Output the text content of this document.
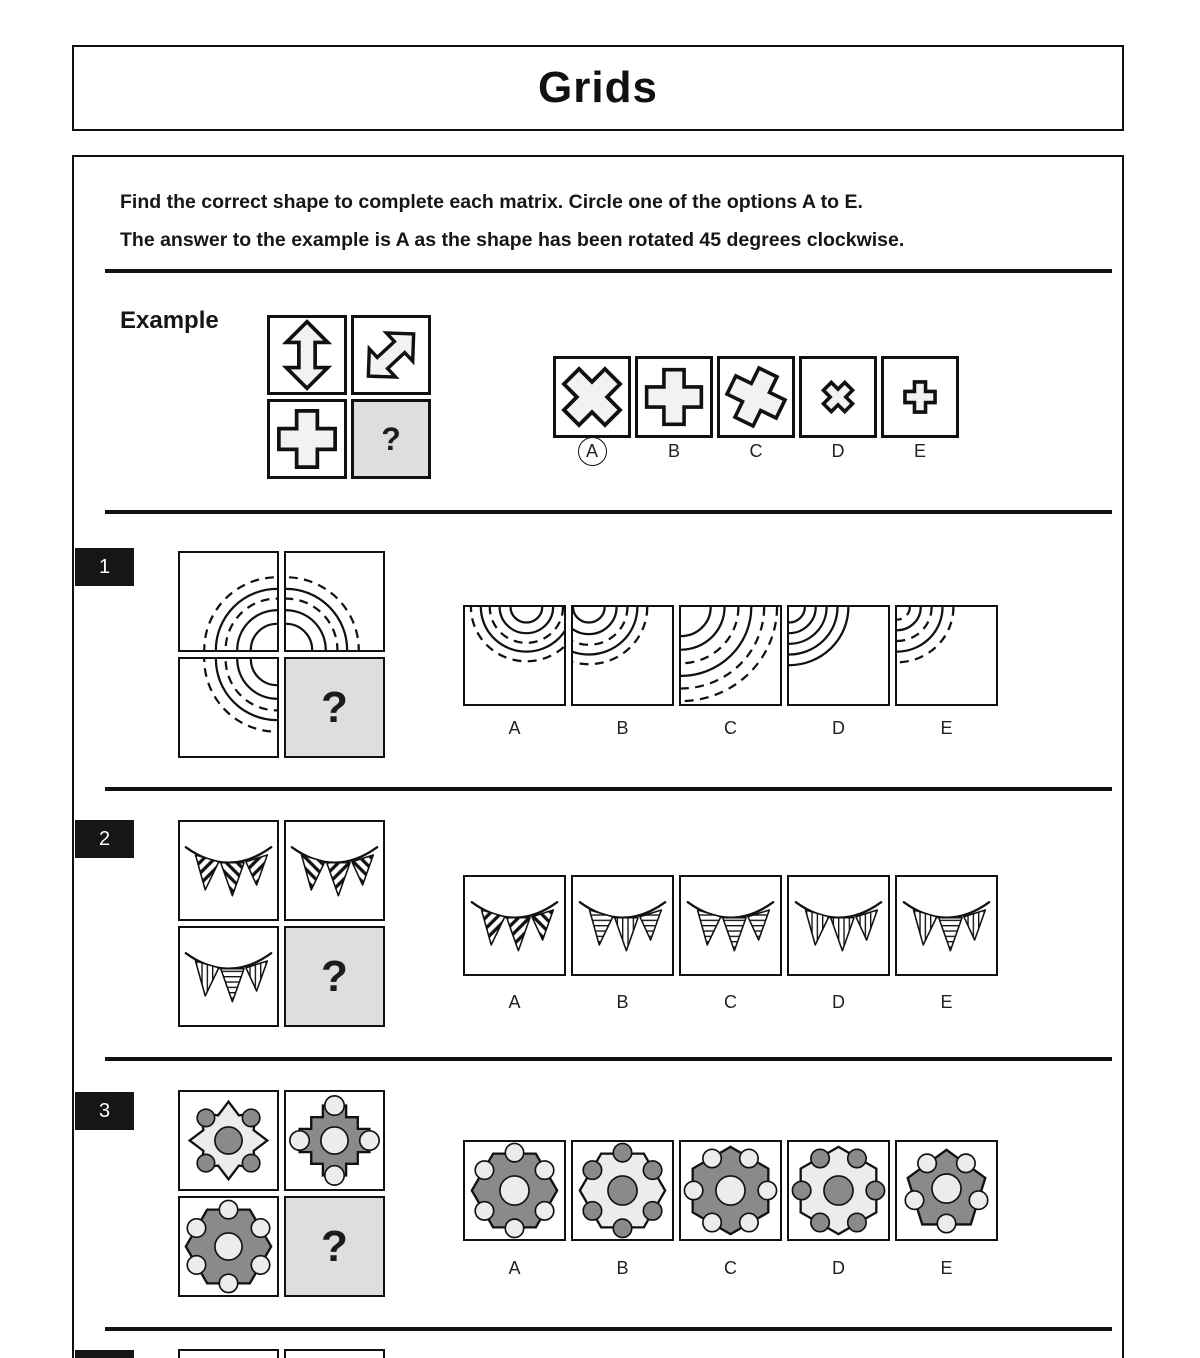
Grids
Find the correct shape to complete each matrix. Circle one of the options A to E.
The answer to the example is A as the shape has been rotated 45 degrees clockwise.
Example
?	A	B	C	D	E
1
?	A	B	C	D	E
2
?
A	B	C	D	E
3
?	A	B	C	D	E
